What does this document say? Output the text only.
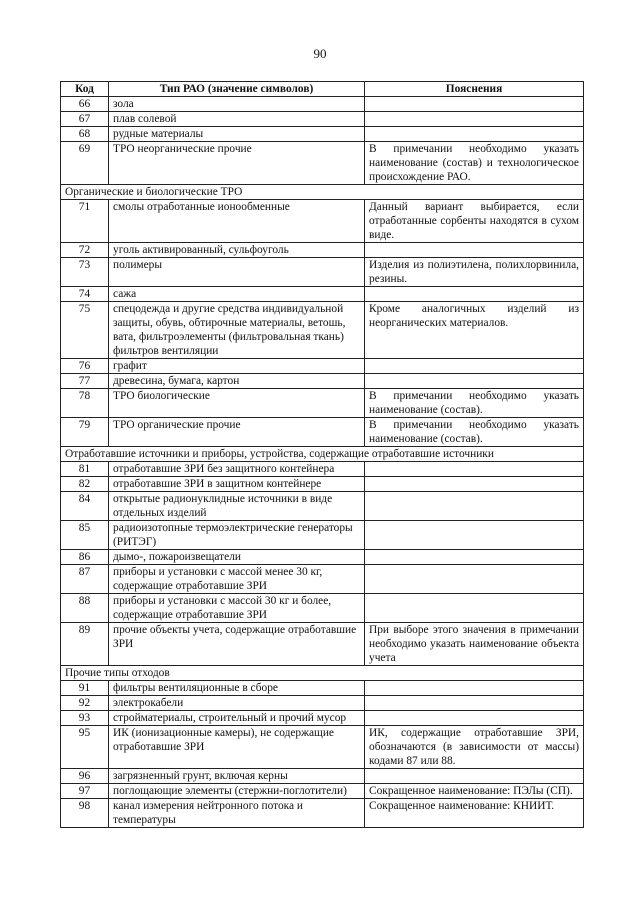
90
Код	Тип РАО (значение символов)	Пояснения
66	зола	
67	плав солевой	
68	рудные материалы	
69	ТРО неорганические прочие	В примечании необходимо указать наименование (состав) и технологическое происхождение РАО.
Органические и биологические ТРО		
71	смолы отработанные ионообменные	Данный вариант выбирается, если отработанные сорбенты находятся в сухом виде.
72	уголь активированный, сульфоуголь	
73	полимеры	Изделия из полиэтилена, полихлорвинила, резины.
74	сажа	
75	спецодежда и другие средства индивидуальной защиты, обувь, обтирочные материалы, ветошь, вата, фильтроэлементы (фильтровальная ткань) фильтров вентиляции	Кроме аналогичных изделий из неорганических материалов.
76	графит	
77	древесина, бумага, картон	
78	ТРО биологические	В примечании необходимо указать наименование (состав).
79	ТРО органические прочие	В примечании необходимо указать наименование (состав).
Отработавшие источники и приборы, устройства, содержащие отработавшие источники		
81	отработавшие ЗРИ без защитного контейнера	
82	отработавшие ЗРИ в защитном контейнере	
84	открытые радионуклидные источники в виде отдельных изделий	
85	радиоизотопные термоэлектрические генераторы (РИТЭГ)	
86	дымо-, пожароизвещатели	
87	приборы и установки с массой менее 30 кг, содержащие отработавшие ЗРИ	
88	приборы и установки с массой 30 кг и более, содержащие отработавшие ЗРИ	
89	прочие объекты учета, содержащие отработавшие ЗРИ	При выборе этого значения в примечании необходимо указать наименование объекта учета
Прочие типы отходов		
91	фильтры вентиляционные в сборе	
92	электрокабели	
93	стройматериалы, строительный и прочий мусор	
95	ИК (ионизационные камеры), не содержащие отработавшие ЗРИ	ИК, содержащие отработавшие ЗРИ, обозначаются (в зависимости от массы) кодами 87 или 88.
96	загрязненный грунт, включая керны	
97	поглощающие элементы (стержни-поглотители)	Сокращенное наименование: ПЭЛы (СП).
98	канал измерения нейтронного потока и температуры	Сокращенное наименование: КНИИТ.
